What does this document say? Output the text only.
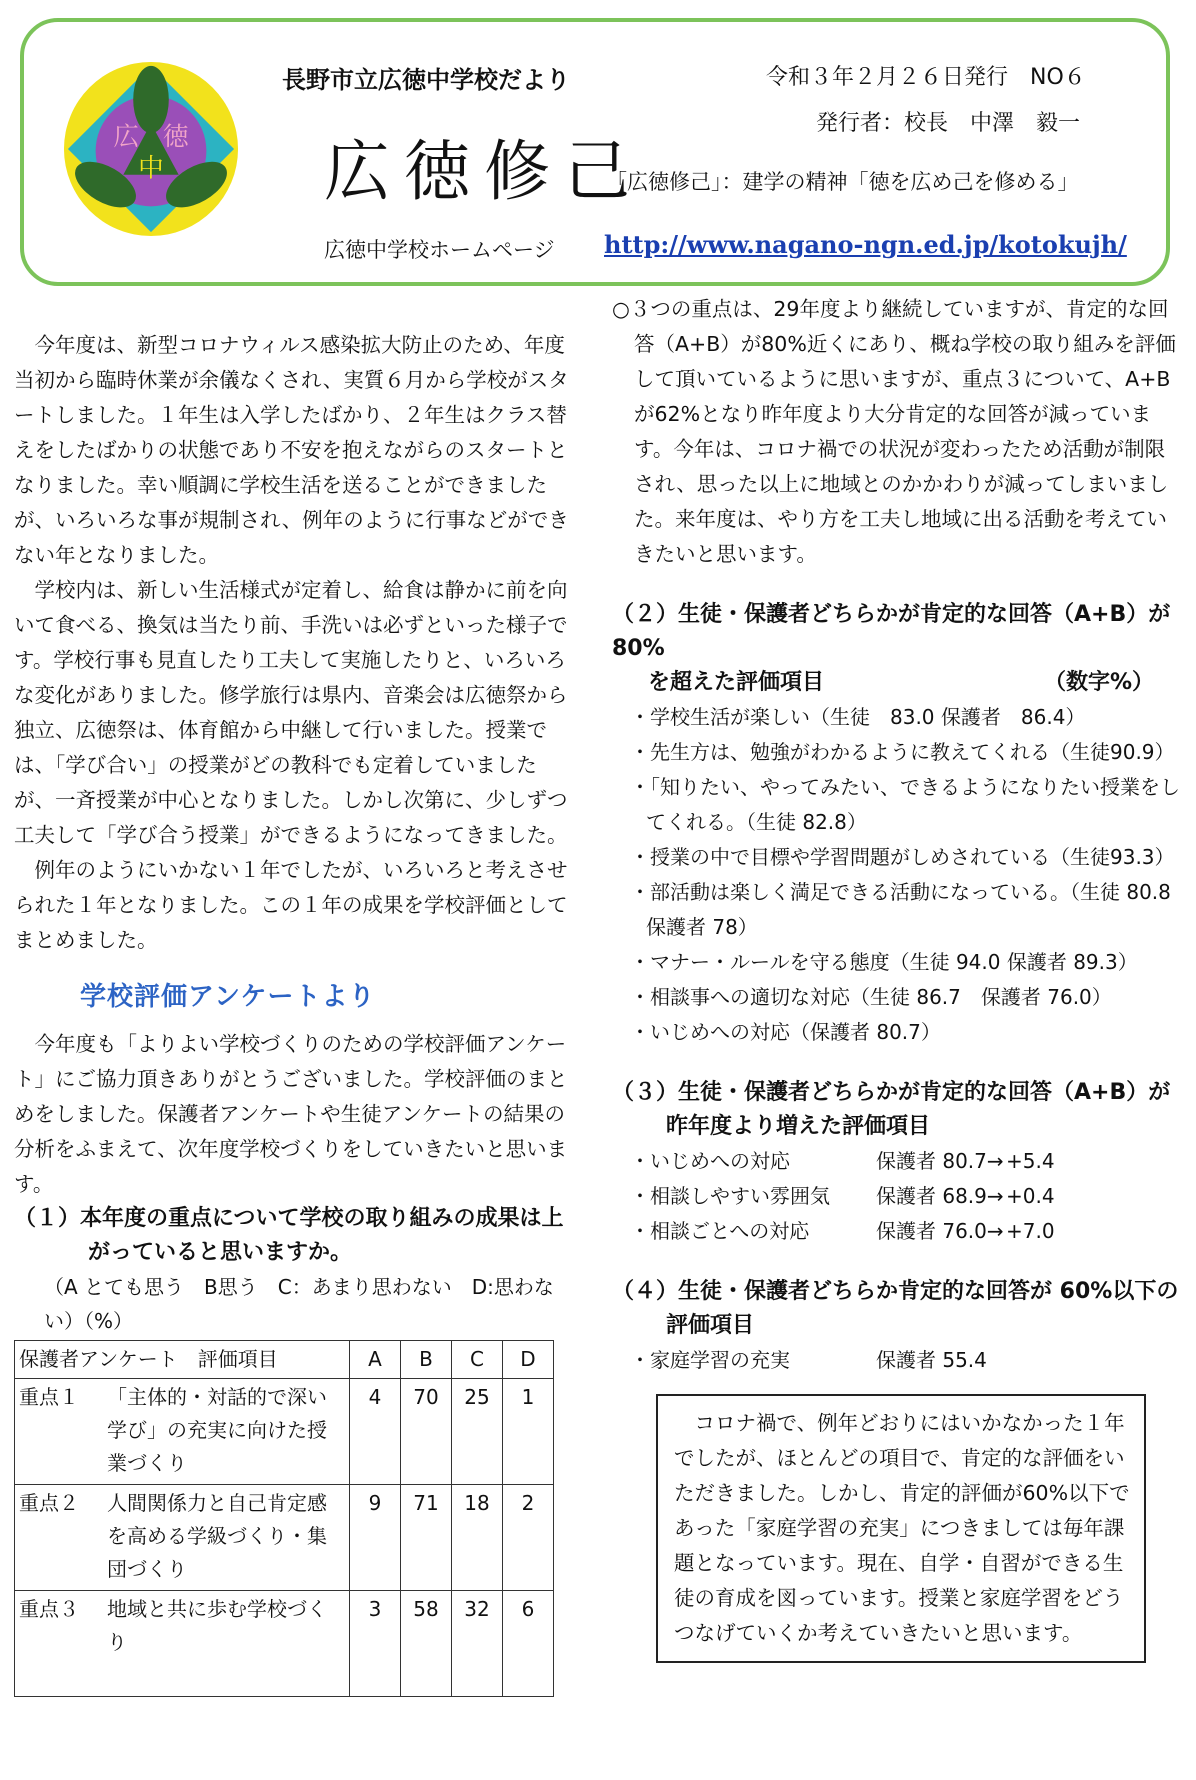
広 徳
中
長野市立広徳中学校だより	令和３年２月２６日発行　NO６
発行者：校長　中澤　毅一
広徳修己
「広徳修己」：建学の精神「徳を広め己を修める」
広徳中学校ホームページ http://www.nagano-ngn.ed.jp/kotokujh/

今年度は、新型コロナウィルス感染拡大防止のため、年度当初から臨時休業が余儀なくされ、実質６月から学校がスタートしました。１年生は入学したばかり、２年生はクラス替えをしたばかりの状態であり不安を抱えながらのスタートとなりました。幸い順調に学校生活を送ることができましたが、いろいろな事が規制され、例年のように行事などができない年となりました。

学校内は、新しい生活様式が定着し、給食は静かに前を向いて食べる、換気は当たり前、手洗いは必ずといった様子です。学校行事も見直したり工夫して実施したりと、いろいろな変化がありました。修学旅行は県内、音楽会は広徳祭から独立、広徳祭は、体育館から中継して行いました。授業では、「学び合い」の授業がどの教科でも定着していましたが、一斉授業が中心となりました。しかし次第に、少しずつ工夫して「学び合う授業」ができるようになってきました。

例年のようにいかない１年でしたが、いろいろと考えさせられた１年となりました。この１年の成果を学校評価としてまとめました。

学校評価アンケートより

今年度も「よりよい学校づくりのための学校評価アンケート」にご協力頂きありがとうございました。学校評価のまとめをしました。保護者アンケートや生徒アンケートの結果の分析をふまえて、次年度学校づくりをしていきたいと思います。

（１）本年度の重点について学校の取り組みの成果は上がっていると思いますか。

（A とても思う　B思う　C：あまり思わない　D:思わない）（%）

保護者アンケート　評価項目		A	B	C	D
重点１	「主体的・対話的で深い学び」の充実に向けた授業づくり	4	70	25	1
重点２	人間関係力と自己肯定感を高める学級づくり・集団づくり	9	71	18	2
重点３	地域と共に歩む学校づくり	3	58	32	6

○３つの重点は、29年度より継続していますが、肯定的な回答（A+B）が80%近くにあり、概ね学校の取り組みを評価して頂いているように思いますが、重点３について、A+Bが62%となり昨年度より大分肯定的な回答が減っています。今年は、コロナ禍での状況が変わったため活動が制限され、思った以上に地域とのかかわりが減ってしまいました。来年度は、やり方を工夫し地域に出る活動を考えていきたいと思います。

（２）生徒・保護者どちらかが肯定的な回答（A+B）が80%

を超えた評価項目	（数字%）

・学校生活が楽しい（生徒　83.0 保護者　86.4）

・先生方は、勉強がわかるように教えてくれる（生徒90.9）

・「知りたい、やってみたい、できるようになりたい授業をしてくれる。（生徒 82.8）

・授業の中で目標や学習問題がしめされている（生徒93.3）

・部活動は楽しく満足できる活動になっている。（生徒 80.8　保護者 78）

・マナー・ルールを守る態度（生徒 94.0 保護者 89.3）

・相談事への適切な対応（生徒 86.7　保護者 76.0）

・いじめへの対応（保護者 80.7）

（３）生徒・保護者どちらかが肯定的な回答（A+B）が昨年度より増えた評価項目

・いじめへの対応	保護者 80.7→ +5.4
・相談しやすい雰囲気	保護者 68.9→ +0.4
・相談ごとへの対応	保護者 76.0→ +7.0

（４）生徒・保護者どちらか肯定的な回答が 60%以下の評価項目

・家庭学習の充実	保護者 55.4

コロナ禍で、例年どおりにはいかなかった１年でしたが、ほとんどの項目で、肯定的な評価をいただきました。しかし、肯定的評価が60%以下であった「家庭学習の充実」につきましては毎年課題となっています。現在、自学・自習ができる生徒の育成を図っています。授業と家庭学習をどうつなげていくか考えていきたいと思います。
